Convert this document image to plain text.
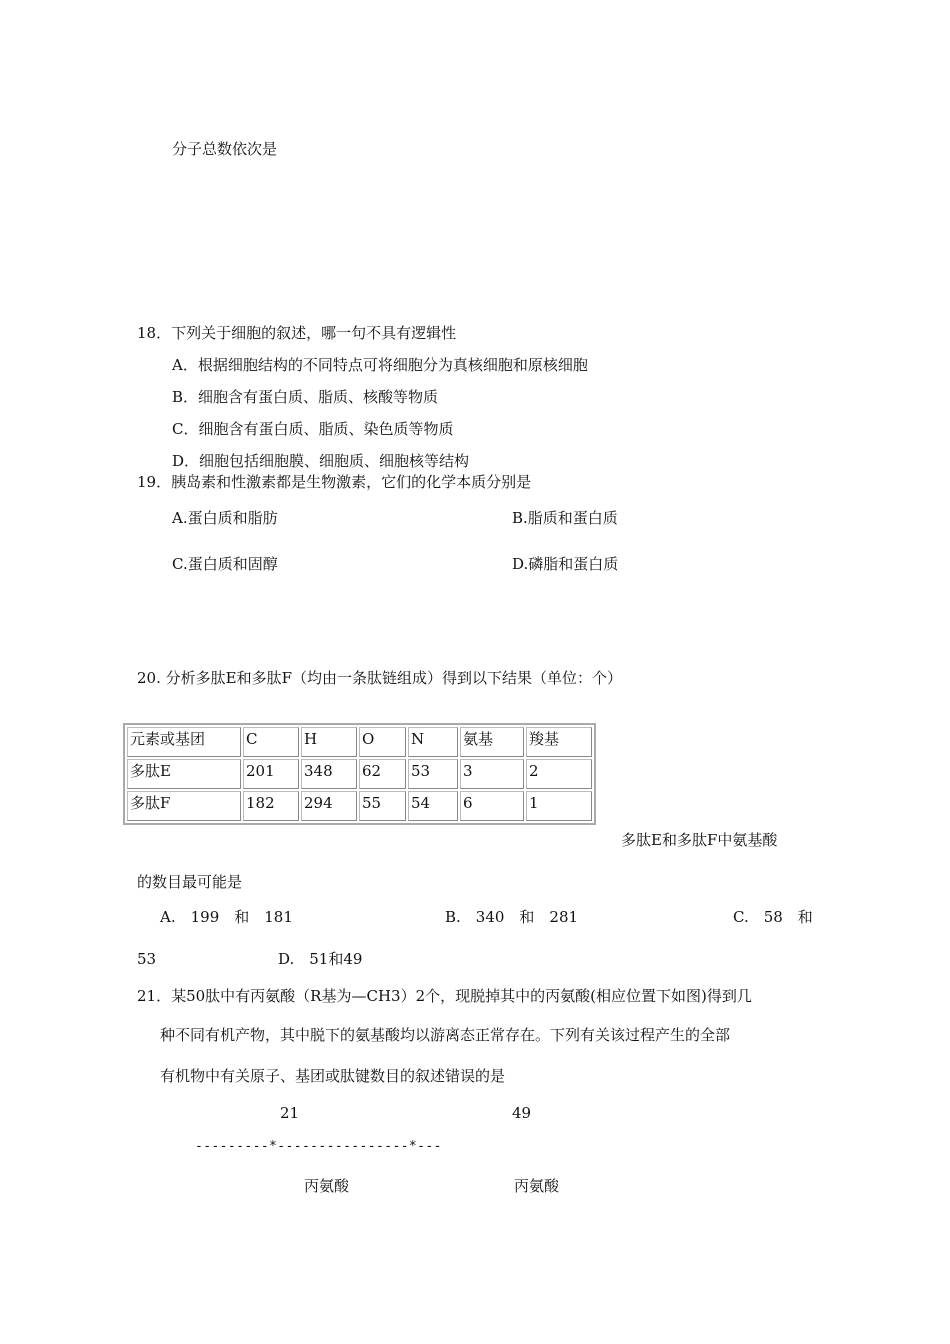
分子总数依次是
18．下列关于细胞的叙述，哪一句不具有逻辑性
A．根据细胞结构的不同特点可将细胞分为真核细胞和原核细胞
B．细胞含有蛋白质、脂质、核酸等物质
C．细胞含有蛋白质、脂质、染色质等物质
D．细胞包括细胞膜、细胞质、细胞核等结构
19．胰岛素和性激素都是生物激素，它们的化学本质分别是
A.蛋白质和脂肪	B.脂质和蛋白质
C.蛋白质和固醇	D.磷脂和蛋白质
20. 分析多肽E和多肽F（均由一条肽链组成）得到以下结果（单位：个）
元素或基团	C	H	O	N	氨基	羧基
多肽E	201	348	62	53	3	2
多肽F	182	294	55	54	6	1
多肽E和多肽F中氨基酸
的数目最可能是
A.　199　和　181	B.　340　和　281	C.　58　和
53	D.　51和49
21．某50肽中有丙氨酸（R基为—CH3）2个，现脱掉其中的丙氨酸(相应位置下如图)得到几
种不同有机产物，其中脱下的氨基酸均以游离态正常存在。下列有关该过程产生的全部
有机物中有关原子、基团或肽键数目的叙述错误的是
21	49
---------*----------------*---
丙氨酸	丙氨酸
